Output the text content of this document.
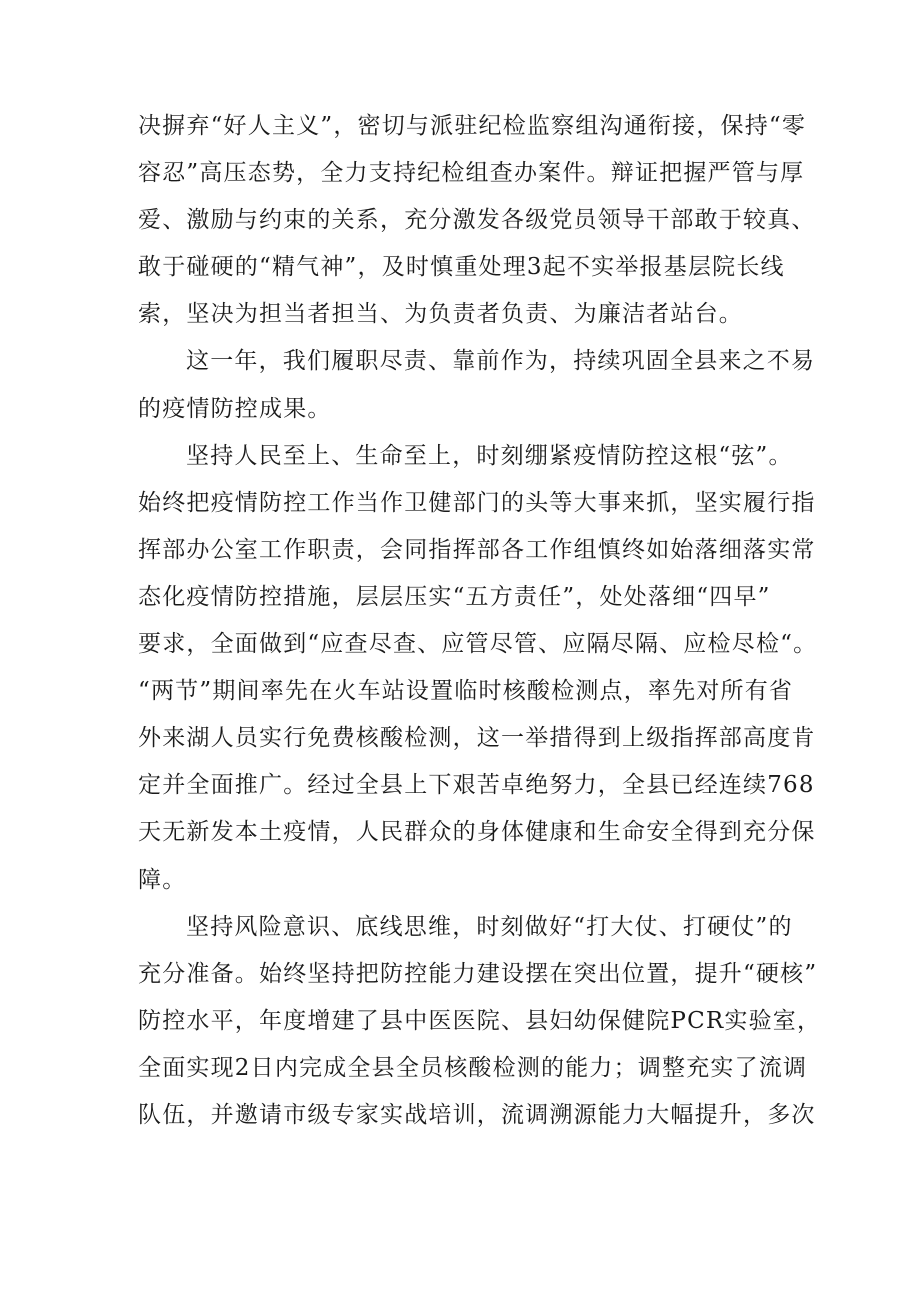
决摒弃“好人主义”，密切与派驻纪检监察组沟通衔接，保持“零
容忍”高压态势，全力支持纪检组查办案件。辩证把握严管与厚
爱、激励与约束的关系，充分激发各级党员领导干部敢于较真、
敢于碰硬的“精气神”，及时慎重处理3起不实举报基层院长线
索，坚决为担当者担当、为负责者负责、为廉洁者站台。
这一年，我们履职尽责、靠前作为，持续巩固全县来之不易
的疫情防控成果。
坚持人民至上、生命至上，时刻绷紧疫情防控这根“弦”。
始终把疫情防控工作当作卫健部门的头等大事来抓，坚实履行指
挥部办公室工作职责，会同指挥部各工作组慎终如始落细落实常
态化疫情防控措施，层层压实“五方责任”，处处落细“四早”
要求，全面做到“应查尽查、应管尽管、应隔尽隔、应检尽检“。
“两节”期间率先在火车站设置临时核酸检测点，率先对所有省
外来湖人员实行免费核酸检测，这一举措得到上级指挥部高度肯
定并全面推广。经过全县上下艰苦卓绝努力，全县已经连续768
天无新发本土疫情，人民群众的身体健康和生命安全得到充分保
障。
坚持风险意识、底线思维，时刻做好“打大仗、打硬仗”的
充分准备。始终坚持把防控能力建设摆在突出位置，提升“硬核”
防控水平，年度增建了县中医医院、县妇幼保健院PCR实验室，
全面实现2日内完成全县全员核酸检测的能力；调整充实了流调
队伍，并邀请市级专家实战培训，流调溯源能力大幅提升，多次
